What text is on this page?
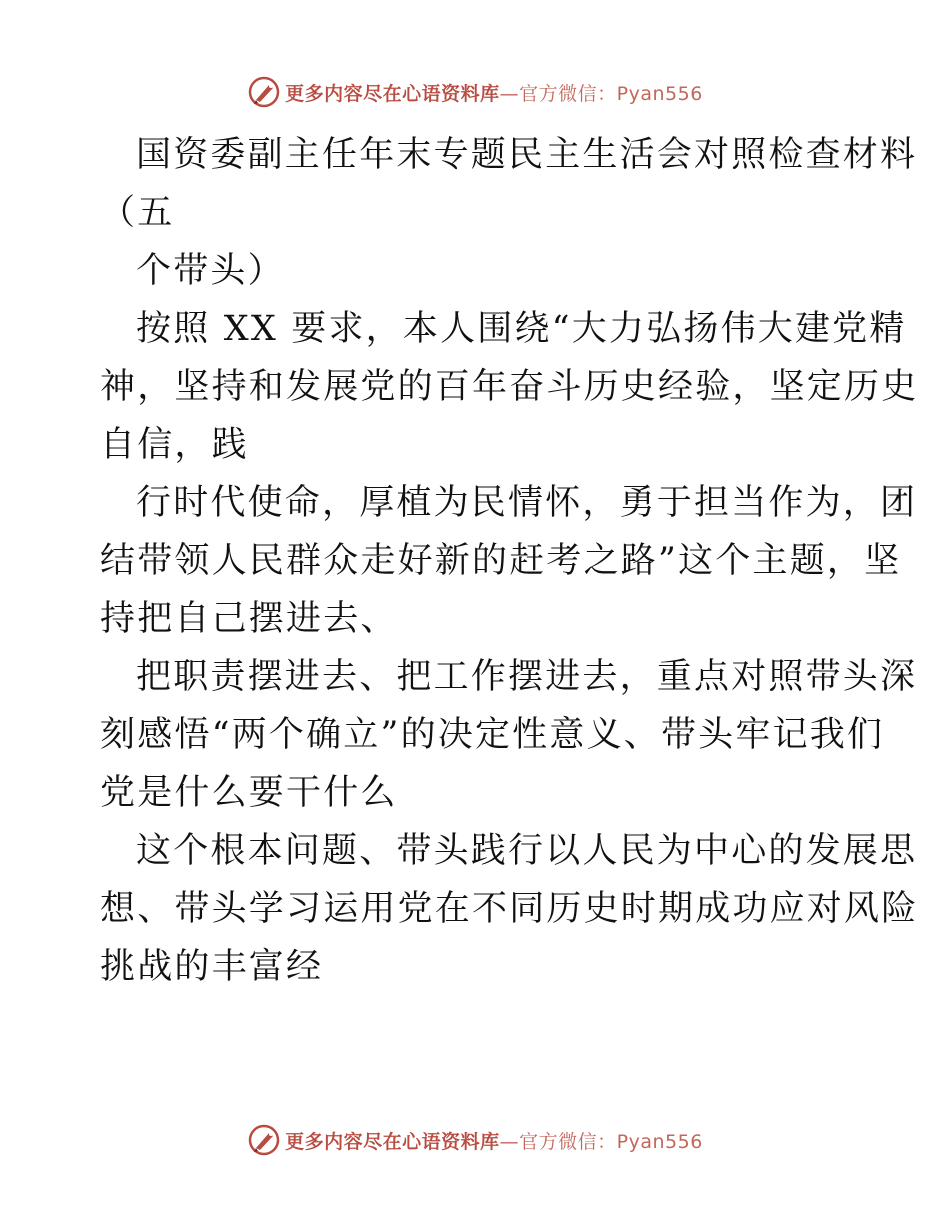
更多内容尽在心语资料库—官方微信：Pyan556
国资委副主任年末专题民主生活会对照检查材料
（五
个带头）
按照 XX 要求，本人围绕“大力弘扬伟大建党精
神，坚持和发展党的百年奋斗历史经验，坚定历史
自信，践
行时代使命，厚植为民情怀，勇于担当作为，团
结带领人民群众走好新的赶考之路”这个主题，坚
持把自己摆进去、
把职责摆进去、把工作摆进去，重点对照带头深
刻感悟“两个确立”的决定性意义、带头牢记我们
党是什么要干什么
这个根本问题、带头践行以人民为中心的发展思
想、带头学习运用党在不同历史时期成功应对风险
挑战的丰富经
更多内容尽在心语资料库—官方微信：Pyan556
